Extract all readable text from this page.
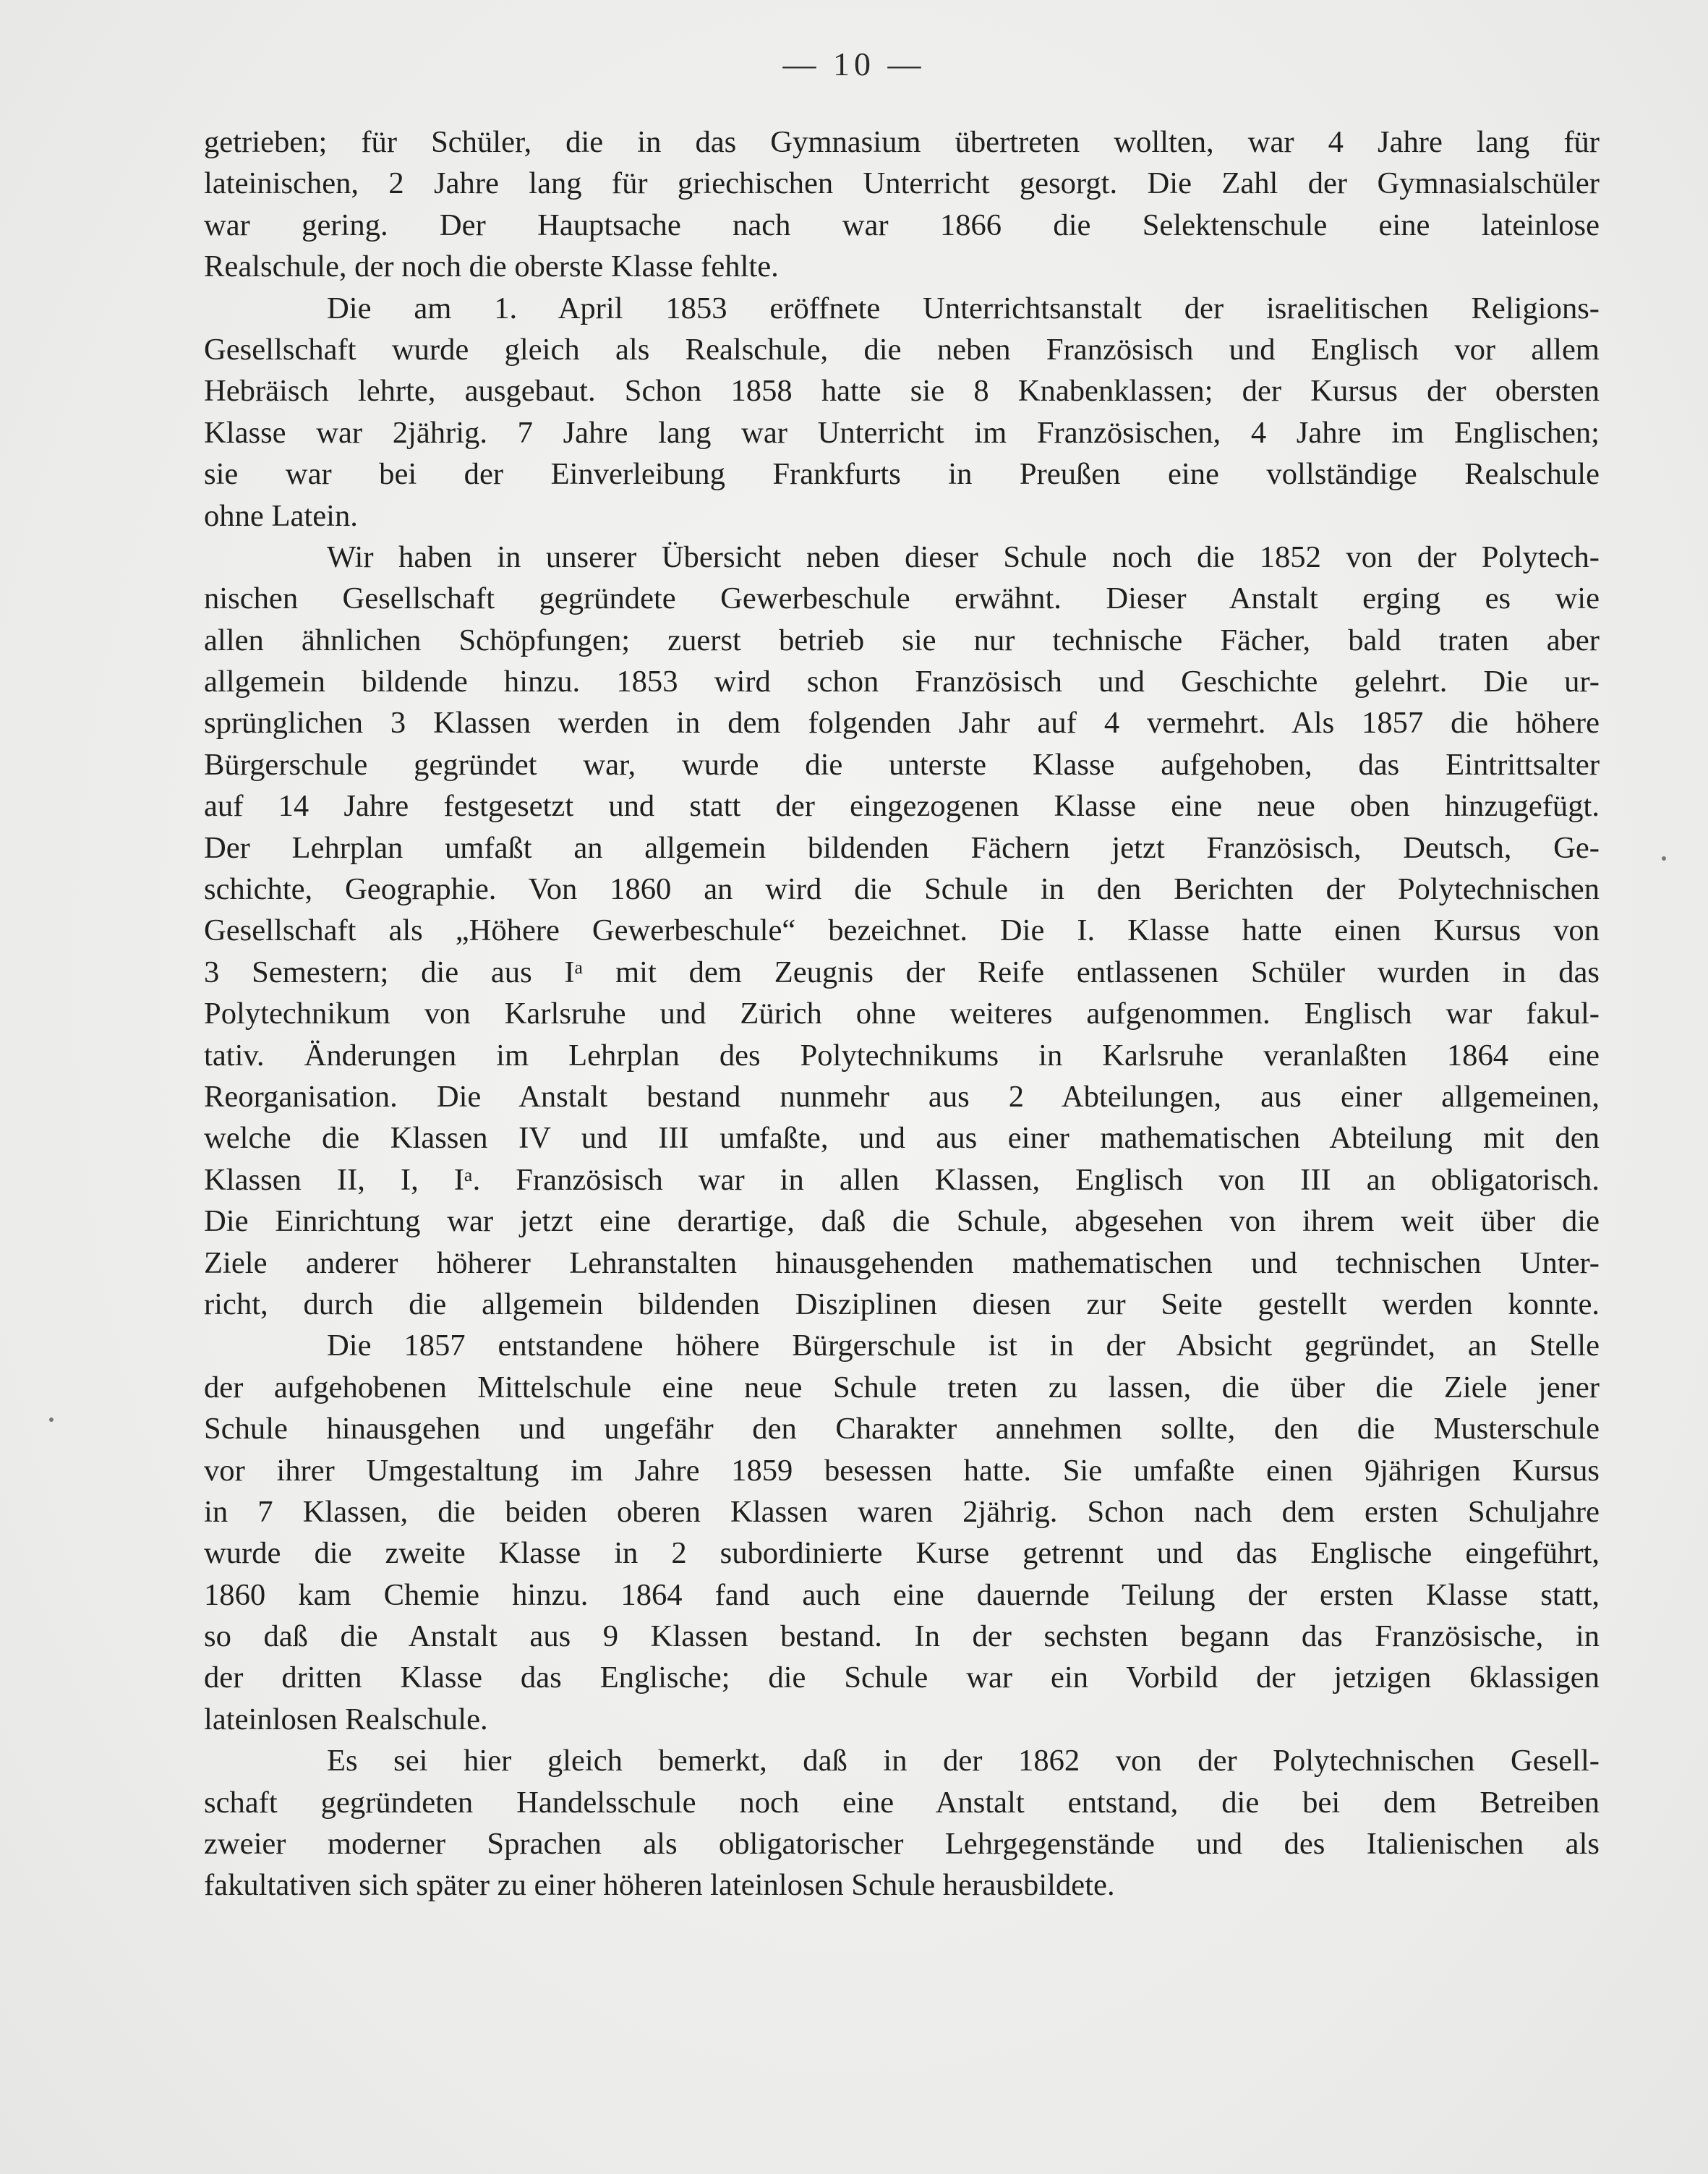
— 10 —
getrieben; für Schüler, die in das Gymnasium übertreten wollten, war 4 Jahre lang für
lateinischen, 2 Jahre lang für griechischen Unterricht gesorgt. Die Zahl der Gymnasialschüler
war gering. Der Hauptsache nach war 1866 die Selektenschule eine lateinlose
Realschule, der noch die oberste Klasse fehlte.
Die am 1. April 1853 eröffnete Unterrichtsanstalt der israelitischen Religions-
Gesellschaft wurde gleich als Realschule, die neben Französisch und Englisch vor allem
Hebräisch lehrte, ausgebaut. Schon 1858 hatte sie 8 Knabenklassen; der Kursus der obersten
Klasse war 2jährig. 7 Jahre lang war Unterricht im Französischen, 4 Jahre im Englischen;
sie war bei der Einverleibung Frankfurts in Preußen eine vollständige Realschule
ohne Latein.
Wir haben in unserer Übersicht neben dieser Schule noch die 1852 von der Polytech-
nischen Gesellschaft gegründete Gewerbeschule erwähnt. Dieser Anstalt erging es wie
allen ähnlichen Schöpfungen; zuerst betrieb sie nur technische Fächer, bald traten aber
allgemein bildende hinzu. 1853 wird schon Französisch und Geschichte gelehrt. Die ur-
sprünglichen 3 Klassen werden in dem folgenden Jahr auf 4 vermehrt. Als 1857 die höhere
Bürgerschule gegründet war, wurde die unterste Klasse aufgehoben, das Eintrittsalter
auf 14 Jahre festgesetzt und statt der eingezogenen Klasse eine neue oben hinzugefügt.
Der Lehrplan umfaßt an allgemein bildenden Fächern jetzt Französisch, Deutsch, Ge-
schichte, Geographie. Von 1860 an wird die Schule in den Berichten der Polytechnischen
Gesellschaft als „Höhere Gewerbeschule“ bezeichnet. Die I. Klasse hatte einen Kursus von
3 Semestern; die aus Iᵃ mit dem Zeugnis der Reife entlassenen Schüler wurden in das
Polytechnikum von Karlsruhe und Zürich ohne weiteres aufgenommen. Englisch war fakul-
tativ. Änderungen im Lehrplan des Polytechnikums in Karlsruhe veranlaßten 1864 eine
Reorganisation. Die Anstalt bestand nunmehr aus 2 Abteilungen, aus einer allgemeinen,
welche die Klassen IV und III umfaßte, und aus einer mathematischen Abteilung mit den
Klassen II, I, Iᵃ. Französisch war in allen Klassen, Englisch von III an obligatorisch.
Die Einrichtung war jetzt eine derartige, daß die Schule, abgesehen von ihrem weit über die
Ziele anderer höherer Lehranstalten hinausgehenden mathematischen und technischen Unter-
richt, durch die allgemein bildenden Disziplinen diesen zur Seite gestellt werden konnte.
Die 1857 entstandene höhere Bürgerschule ist in der Absicht gegründet, an Stelle
der aufgehobenen Mittelschule eine neue Schule treten zu lassen, die über die Ziele jener
Schule hinausgehen und ungefähr den Charakter annehmen sollte, den die Musterschule
vor ihrer Umgestaltung im Jahre 1859 besessen hatte. Sie umfaßte einen 9jährigen Kursus
in 7 Klassen, die beiden oberen Klassen waren 2jährig. Schon nach dem ersten Schuljahre
wurde die zweite Klasse in 2 subordinierte Kurse getrennt und das Englische eingeführt,
1860 kam Chemie hinzu. 1864 fand auch eine dauernde Teilung der ersten Klasse statt,
so daß die Anstalt aus 9 Klassen bestand. In der sechsten begann das Französische, in
der dritten Klasse das Englische; die Schule war ein Vorbild der jetzigen 6klassigen
lateinlosen Realschule.
Es sei hier gleich bemerkt, daß in der 1862 von der Polytechnischen Gesell-
schaft gegründeten Handelsschule noch eine Anstalt entstand, die bei dem Betreiben
zweier moderner Sprachen als obligatorischer Lehrgegenstände und des Italienischen als
fakultativen sich später zu einer höheren lateinlosen Schule herausbildete.
